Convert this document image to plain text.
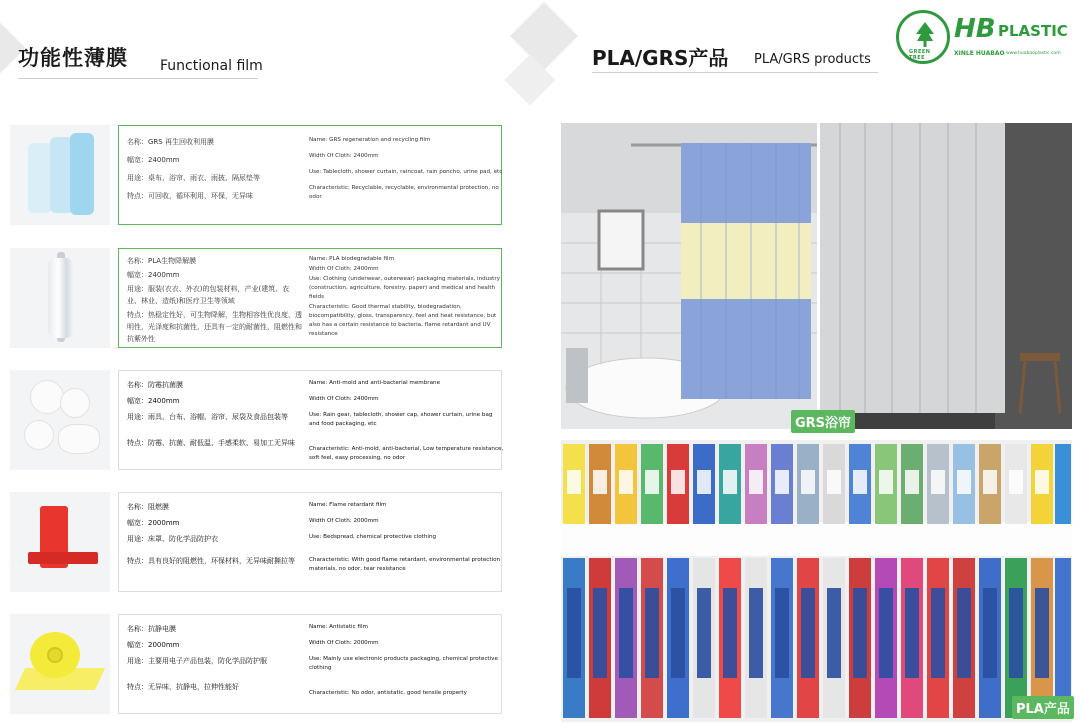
功能性薄膜 Functional film

名称：GRS 再生回收利用膜

幅宽：2400mm

用途：桌布、浴帘、雨衣、雨披、隔尿垫等

特点：可回收，循环利用，环保，无异味

Name: GRS regeneration and recycling film

Width Of Cloth: 2400mm

Use: Tablecloth, shower curtain, raincoat, rain poncho, urine pad, etc

Characteristic: Recyclable, recyclable, environmental protection, no odor

名称：PLA生物降解膜

幅宽：2400mm

用途：服装(衣衣、外衣)的包装材料，产业(建筑、农业、林业、造纸)和医疗卫生等领域

特点：热稳定性好，可生物降解，生物相容性优良度，透明性，光泽度和抗菌性，还具有一定的耐菌性，阻燃性和抗紫外性

Name: PLA biodegradable film

Width Of Cloth: 2400mm

Use: Clothing (underwear, outerwear) packaging materials, industry (construction, agriculture, forestry, paper) and medical and health fields

Characteristic: Good thermal stability, biodegradation, biocompatibility, gloss, transparency, feel and heat resistance, but also has a certain resistance to bacteria, flame retardant and UV resistance

名称：防霉抗菌膜

幅宽：2400mm

用途：雨具、台布、浴帽、浴帘、尿袋及食品包装等

特点：防霉、抗菌、耐低温、手感柔软、易加工无异味

Name: Anti-mold and anti-bacterial membrane

Width Of Cloth: 2400mm

Use: Rain gear, tablecloth, shower cap, shower curtain, urine bag and food packaging, etc

Characteristic: Anti-mold, anti-bacterial, Low temperature resistance, soft feel, easy processing, no odor

名称：阻燃膜

幅宽：2000mm

用途：床罩、防化学品防护衣

特点：具有良好的阻燃性，环保材料，无异味耐撕拉等

Name: Flame retardant film

Width Of Cloth: 2000mm

Use: Bedspread, chemical protective clothing

Characteristic: With good flame retardant, environmental protection materials, no odor, tear resistance

名称：抗静电膜

幅宽：2000mm

用途：主要用电子产品包装，防化学品防护服

特点：无异味，抗静电，拉伸性能好

Name: Antistatic film

Width Of Cloth: 2000mm

Use: Mainly use electronic products packaging, chemical protective clothing

Characteristic: No odor, antistatic, good tensile property

PLA/GRS产品 PLA/GRS products	GREEN TREE
HB PLASTIC
XINLE HUABAO www.huabaoplastic.com
GRS浴帘
PLA产品
